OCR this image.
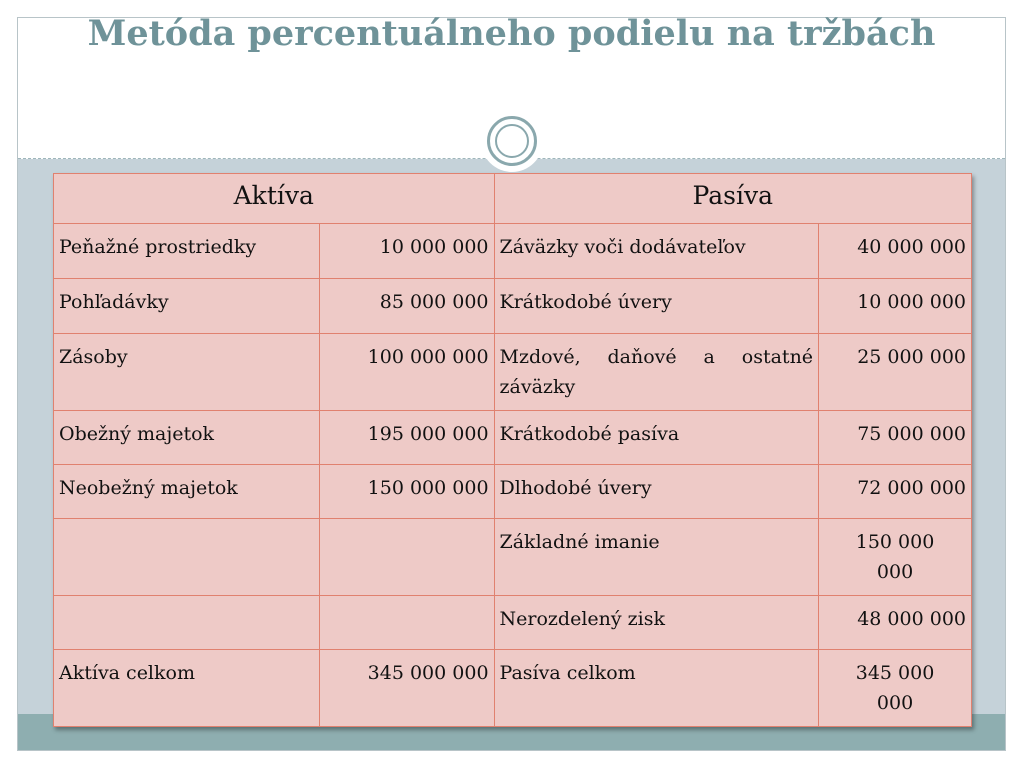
Metóda percentuálneho podielu na tržbách
Aktíva		Pasíva	
Peňažné prostriedky	10 000 000	Záväzky voči dodávateľov	40 000 000
Pohľadávky	85 000 000	Krátkodobé úvery	10 000 000
Zásoby	100 000 000	Mzdové, daňové a ostatné záväzky	25 000 000
Obežný majetok	195 000 000	Krátkodobé pasíva	75 000 000
Neobežný majetok	150 000 000	Dlhodobé úvery	72 000 000
		Základné imanie	150 000 000
		Nerozdelený zisk	48 000 000
Aktíva celkom	345 000 000	Pasíva celkom	345 000 000
